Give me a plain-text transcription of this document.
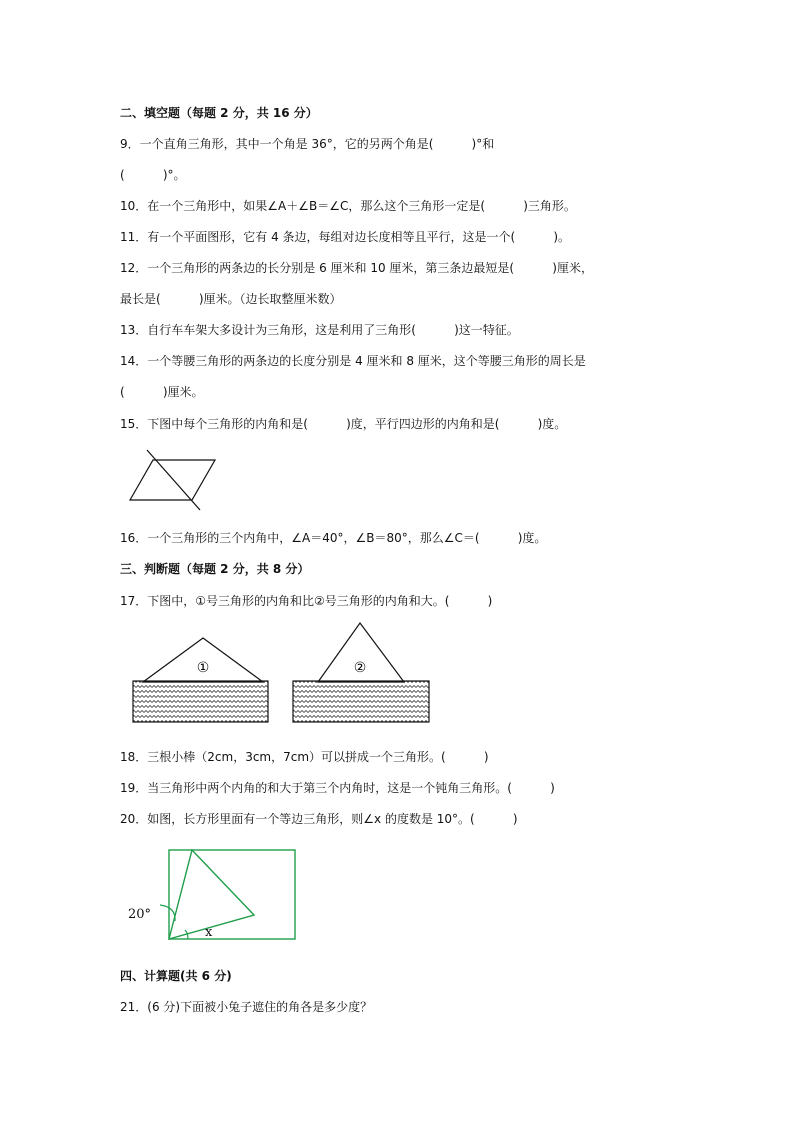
二、填空题（每题 2 分，共 16 分）
9．一个直角三角形，其中一个角是 36°，它的另两个角是(          )°和
(          )°。
10．在一个三角形中，如果∠A＋∠B＝∠C，那么这个三角形一定是(          )三角形。
11．有一个平面图形，它有 4 条边，每组对边长度相等且平行，这是一个(          )。
12．一个三角形的两条边的长分别是 6 厘米和 10 厘米，第三条边最短是(          )厘米，
最长是(          )厘米。（边长取整厘米数）
13．自行车车架大多设计为三角形，这是利用了三角形(          )这一特征。
14．一个等腰三角形的两条边的长度分别是 4 厘米和 8 厘米，这个等腰三角形的周长是
(          )厘米。
15．下图中每个三角形的内角和是(          )度，平行四边形的内角和是(          )度。
16．一个三角形的三个内角中，∠A＝40°，∠B＝80°，那么∠C＝(          )度。
三、判断题（每题 2 分，共 8 分）
17．下图中，①号三角形的内角和比②号三角形的内角和大。(          )
①	②
18．三根小棒（2cm，3cm，7cm）可以拼成一个三角形。(          )
19．当三角形中两个内角的和大于第三个内角时，这是一个钝角三角形。(          )
20．如图，长方形里面有一个等边三角形，则∠x 的度数是 10°。(          )
20°
x
四、计算题(共 6 分)
21．(6 分)下面被小兔子遮住的角各是多少度？
